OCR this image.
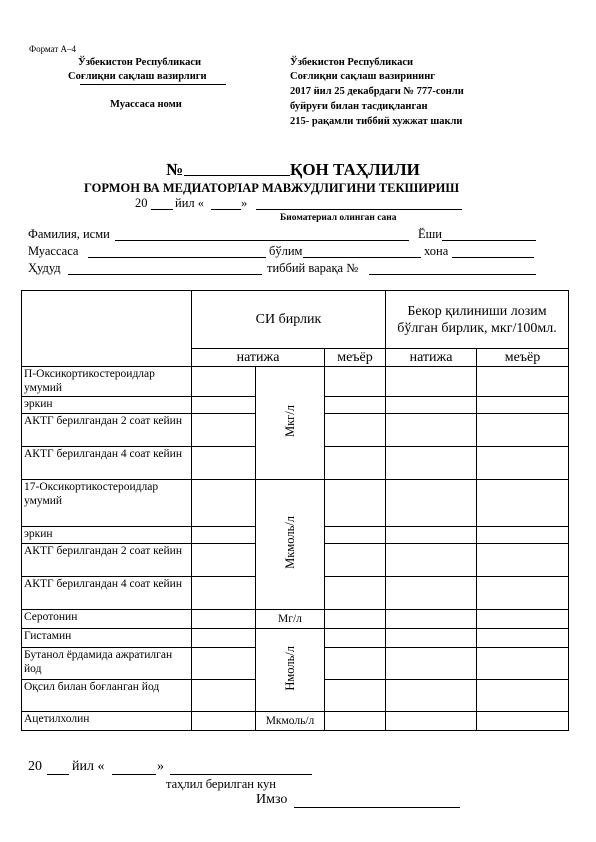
Формат А–4
Ўзбекистон Республикаси
Соғлиқни сақлаш вазирлиги
Муассаса номи
Ўзбекистон Республикаси
Соғлиқни сақлаш вазирининг
2017 йил 25 декабрдаги № 777-сонли
буйруғи билан тасдиқланган
215- рақамли тиббий хужжат шакли
№	ҚОН ТАҲЛИЛИ
ГОРМОН ВА МЕДИАТОРЛАР МАВЖУДЛИГИНИ ТЕКШИРИШ
20 йил «	»
Биоматериал олинган сана
Фамилия, исми	Ёши
Муассаса	бўлим	хона
Ҳудуд	тиббий варақа №
	СИ бирлик			Бекор қилиниши лозим бўлган бирлик, мкг/100мл.	
	натижа		меъёр	натижа	меъёр
П-Оксикортикостероидлар умумий		Мкг/л			
эркин					
АКТГ берилгандан 2 соат кейин					
АКТГ берилгандан 4 соат кейин					
17-Оксикортикостероидлар умумий		Мкмоль/л			
эркин					
АКТГ берилгандан 2 соат кейин					
АКТГ берилгандан 4 соат кейин					
Серотонин		Мг/л			
Гистамин		Нмоль/л			
Бутанол ёрдамида ажратилган йод					
Оқсил билан боғланган йод					
Ацетилхолин		Мкмоль/л			
20 йил «	»
таҳлил берилган кун
Имзо
